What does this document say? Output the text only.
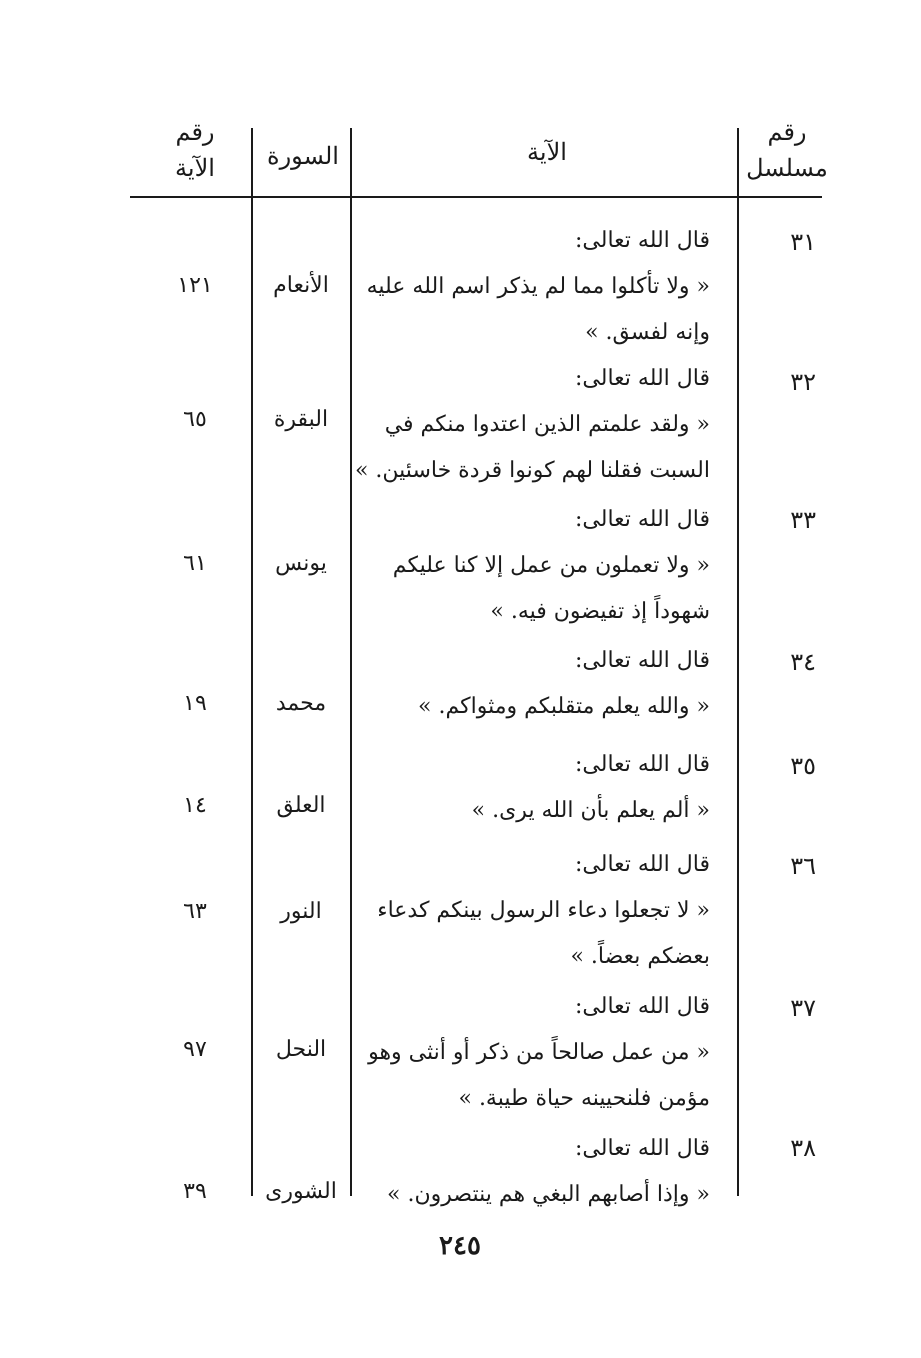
رقم
مسلسل
الآية
السورة
رقم
الآية
٣١
قال الله تعالى:
« ولا تأكلوا مما لم يذكر اسم الله عليه
وإنه لفسق. »
الأنعام
١٢١
٣٢
قال الله تعالى:
« ولقد علمتم الذين اعتدوا منكم في
السبت فقلنا لهم كونوا قردة خاسئين. »
البقرة
٦٥
٣٣
قال الله تعالى:
« ولا تعملون من عمل إلا كنا عليكم
شهوداً إذ تفيضون فيه. »
يونس
٦١
٣٤
قال الله تعالى:
« والله يعلم متقلبكم ومثواكم. »
محمد
١٩
٣٥
قال الله تعالى:
« ألم يعلم بأن الله يرى. »
العلق
١٤
٣٦
قال الله تعالى:
« لا تجعلوا دعاء الرسول بينكم كدعاء
بعضكم بعضاً. »
النور
٦٣
٣٧
قال الله تعالى:
« من عمل صالحاً من ذكر أو أنثى وهو
مؤمن فلنحيينه حياة طيبة. »
النحل
٩٧
٣٨
قال الله تعالى:
« وإذا أصابهم البغي هم ينتصرون. »
الشورى
٣٩
٢٤٥
